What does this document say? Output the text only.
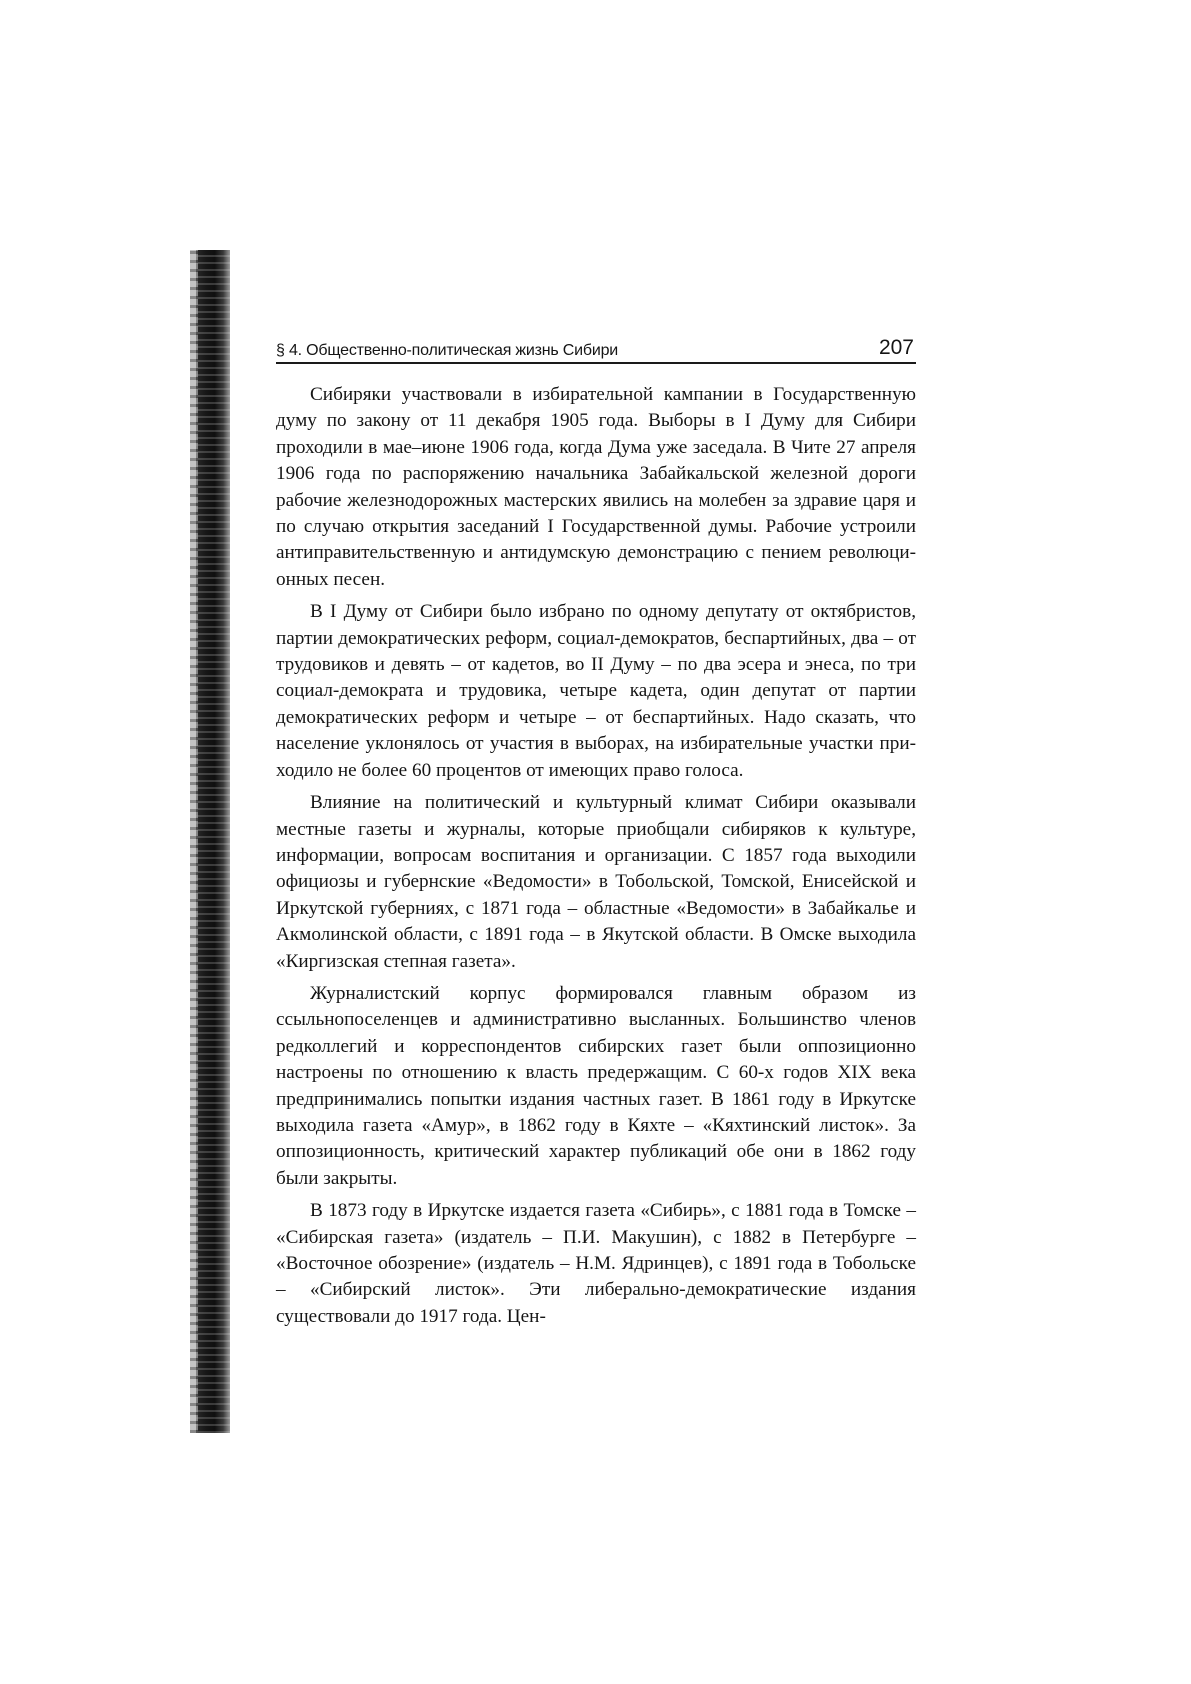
§ 4. Общественно-политическая жизнь Сибири	207

Сибиряки участвовали в избирательной кампании в Государственную думу по закону от 11 декабря 1905 года. Выборы в I Думу для Сибири проходили в мае–июне 1906 года, когда Дума уже заседала. В Чите 27 апреля 1906 года по распоряжению начальника Забайкальской железной дороги рабочие железнодорожных мастерских явились на молебен за здравие царя и по случаю открытия заседаний I Государственной думы. Рабочие устроили антиправительственную и антидумскую демонстрацию с пением революционных песен.

В I Думу от Сибири было избрано по одному депутату от октябристов, партии демократических реформ, социал-демократов, беспартийных, два – от трудовиков и девять – от кадетов, во II Думу – по два эсера и энеса, по три социал-демократа и трудовика, четыре кадета, один депутат от партии демократических реформ и четыре – от беспартийных. Надо сказать, что население уклонялось от участия в выборах, на избирательные участки приходило не более 60 процентов от имеющих право голоса.

Влияние на политический и культурный климат Сибири оказывали местные газеты и журналы, которые приобщали сибиряков к культуре, информации, вопросам воспитания и организации. С 1857 года выходили официозы и губернские «Ведомости» в Тобольской, Томской, Енисейской и Иркутской губерниях, с 1871 года – областные «Ведомости» в Забайкалье и Акмолинской области, с 1891 года – в Якутской области. В Омске выходила «Киргизская степная газета».

Журналистский корпус формировался главным образом из ссыльнопоселенцев и административно высланных. Большинство членов редколлегий и корреспондентов сибирских газет были оппозиционно настроены по отношению к власть предержащим. С 60-х годов XIX века предпринимались попытки издания частных газет. В 1861 году в Иркутске выходила газета «Амур», в 1862 году в Кяхте – «Кяхтинский листок». За оппозиционность, критический характер публикаций обе они в 1862 году были закрыты.

В 1873 году в Иркутске издается газета «Сибирь», с 1881 года в Томске – «Сибирская газета» (издатель – П.И. Макушин), с 1882 в Петербурге – «Восточное обозрение» (издатель – Н.М. Ядринцев), с 1891 года в Тобольске – «Сибирский листок». Эти либерально-демократические издания существовали до 1917 года. Цен-
